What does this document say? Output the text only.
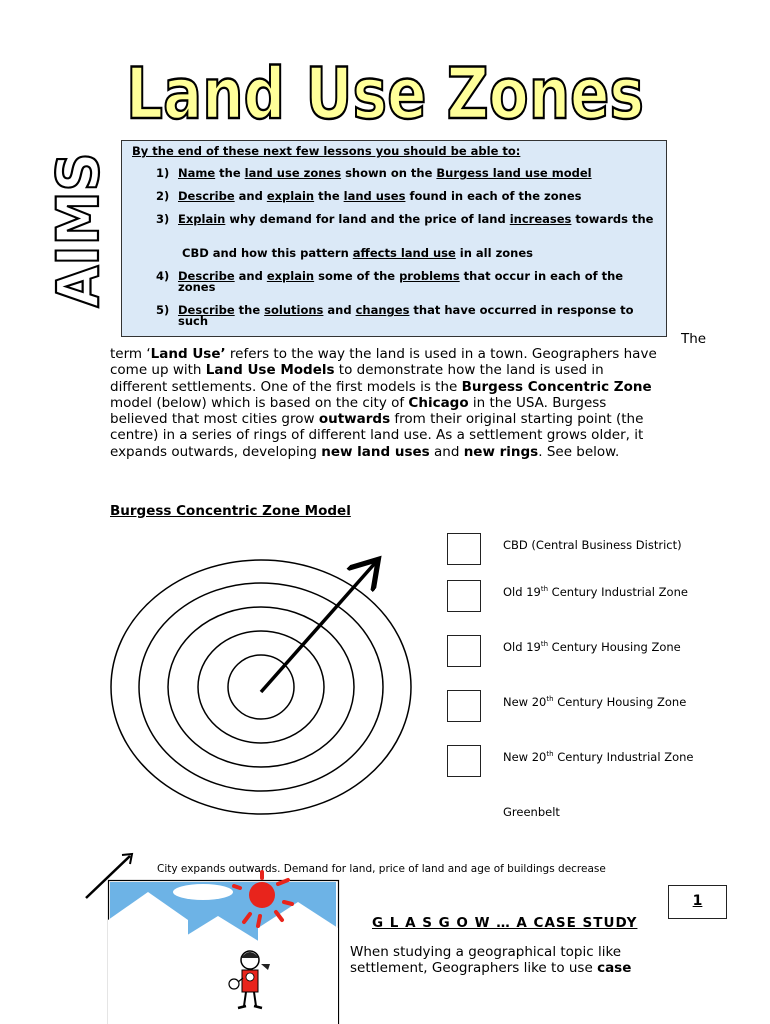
Land Use Zones
AIMS By the end of these next few lessons you should be able to:
1) Name the land use zones shown on the Burgess land use model
2) Describe and explain the land uses found in each of the zones
3) Explain why demand for land and the price of land increases towards the
CBD and how this pattern affects land use in all zones
4) Describe and explain some of the problems that occur in each of the zones
5) Describe the solutions and changes that have occurred in response to such
The
term ‘Land Use’ refers to the way the land is used in a town. Geographers have
come up with Land Use Models to demonstrate how the land is used in
different settlements. One of the first models is the Burgess Concentric Zone
model (below) which is based on the city of Chicago in the USA. Burgess
believed that most cities grow outwards from their original starting point (the
centre) in a series of rings of different land use. As a settlement grows older, it
expands outwards, developing new land uses and new rings. See below.
Burgess Concentric Zone Model
CBD (Central Business District)
Old 19th Century Industrial Zone
Old 19th Century Housing Zone
New 20th Century Housing Zone
New 20th Century Industrial Zone
Greenbelt
City expands outwards. Demand for land, price of land and age of buildings decrease
1
G L A S G O W … A CASE STUDY
When studying a geographical topic like
settlement, Geographers like to use case
